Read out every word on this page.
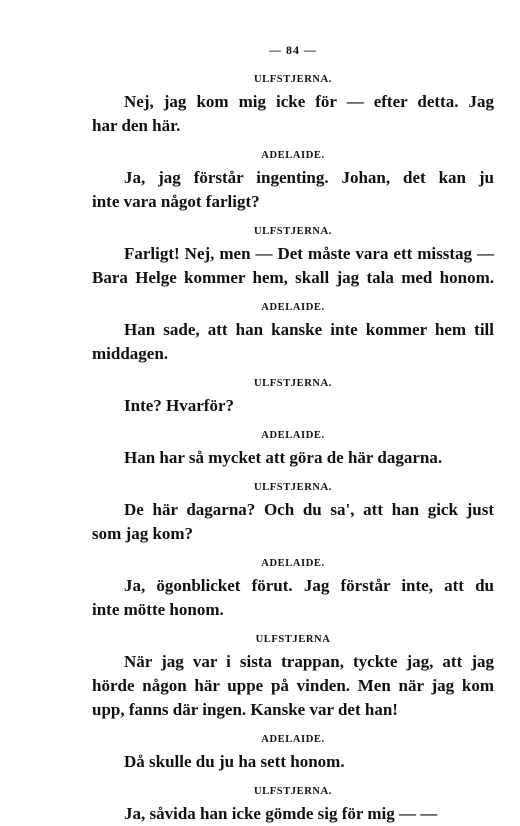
— 84 —
ULFSTJERNA.
Nej, jag kom mig icke för — efter detta. Jag
har den här.
ADELAIDE.
Ja, jag förstår ingenting. Johan, det kan ju
inte vara något farligt?
ULFSTJERNA.
Farligt! Nej, men — Det måste vara ett misstag —
Bara Helge kommer hem, skall jag tala med honom.
ADELAIDE.
Han sade, att han kanske inte kommer hem till
middagen.
ULFSTJERNA.
Inte? Hvarför?
ADELAIDE.
Han har så mycket att göra de här dagarna.
ULFSTJERNA.
De här dagarna? Och du sa', att han gick just
som jag kom?
ADELAIDE.
Ja, ögonblicket förut. Jag förstår inte, att du
inte mötte honom.
ULFSTJERNA
När jag var i sista trappan, tyckte jag, att jag
hörde någon här uppe på vinden. Men när jag kom
upp, fanns där ingen. Kanske var det han!
ADELAIDE.
Då skulle du ju ha sett honom.
ULFSTJERNA.
Ja, såvida han icke gömde sig för mig — —
